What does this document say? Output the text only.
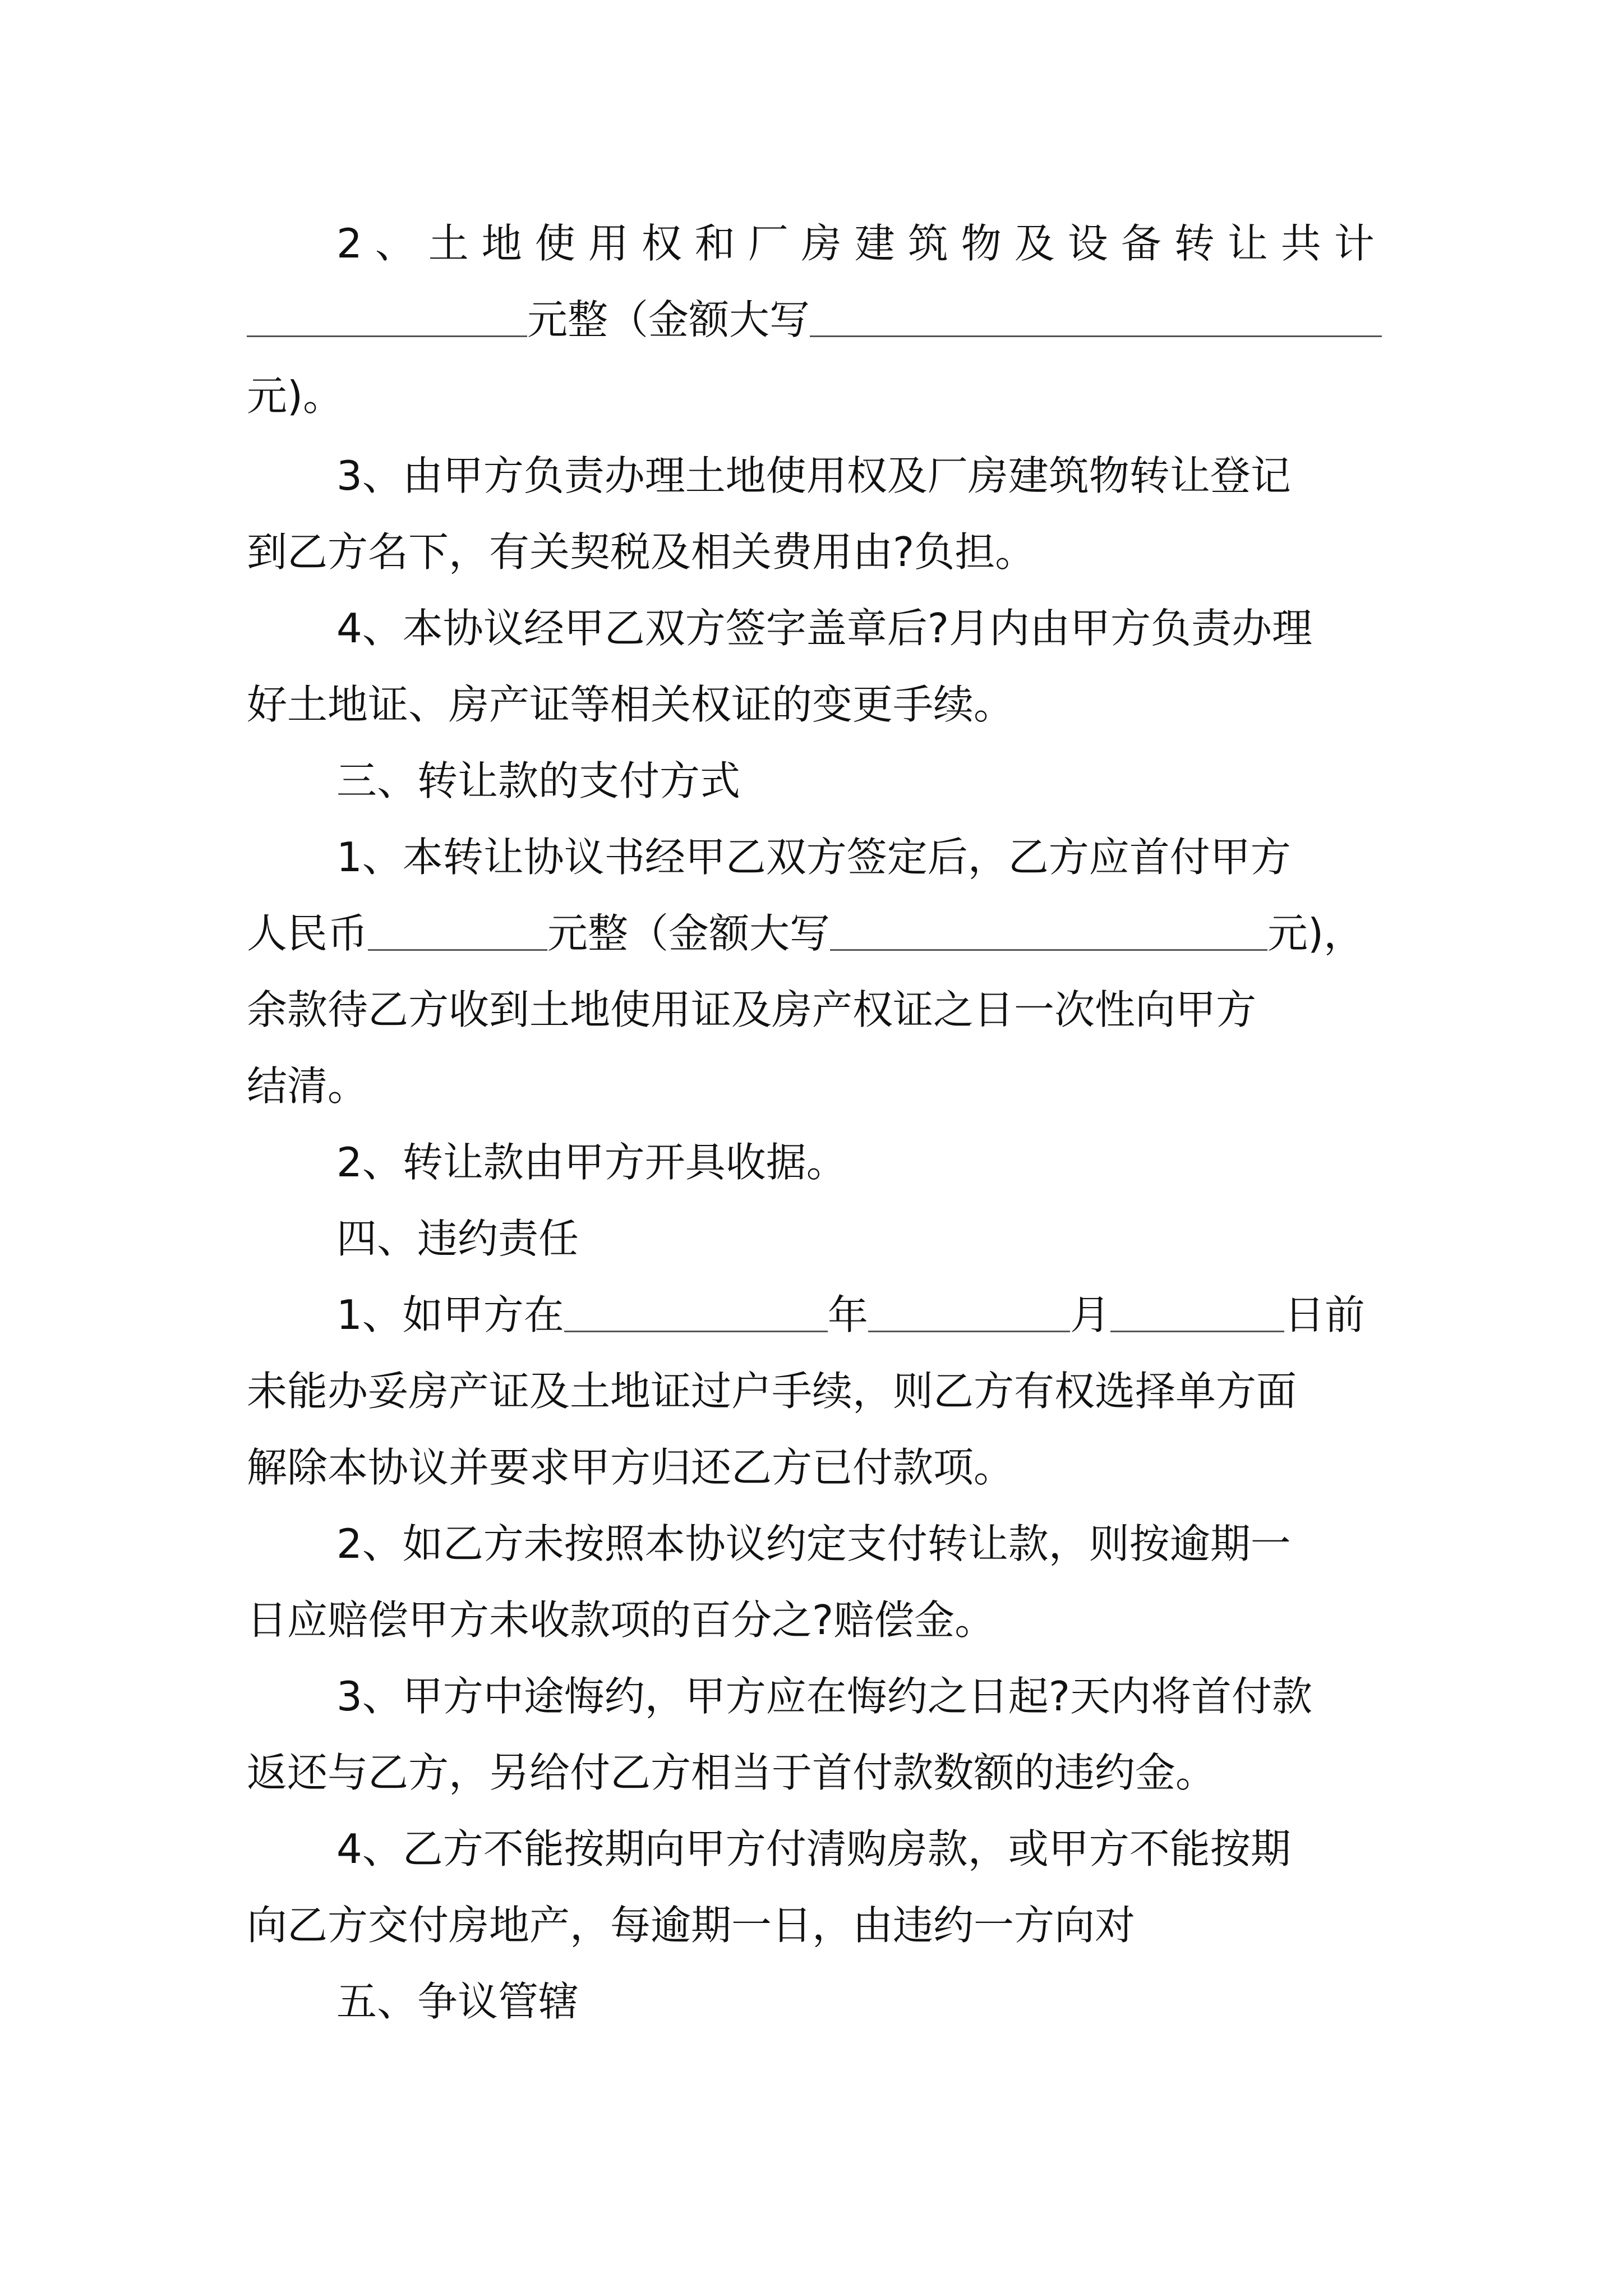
2、土地使用权和厂房建筑物及设备转让共计
元整（金额大写
元)。
3、由甲方负责办理土地使用权及厂房建筑物转让登记
到乙方名下，有关契税及相关费用由?负担。
4、本协议经甲乙双方签字盖章后?月内由甲方负责办理
好土地证、房产证等相关权证的变更手续。
三、转让款的支付方式
1、本转让协议书经甲乙双方签定后，乙方应首付甲方
人民币	元整（金额大写	元)，
余款待乙方收到土地使用证及房产权证之日一次性向甲方
结清。
2、转让款由甲方开具收据。
四、违约责任
1、如甲方在	年	月	日前
未能办妥房产证及土地证过户手续，则乙方有权选择单方面
解除本协议并要求甲方归还乙方已付款项。
2、如乙方未按照本协议约定支付转让款，则按逾期一
日应赔偿甲方未收款项的百分之?赔偿金。
3、甲方中途悔约，甲方应在悔约之日起?天内将首付款
返还与乙方，另给付乙方相当于首付款数额的违约金。
4、乙方不能按期向甲方付清购房款，或甲方不能按期
向乙方交付房地产，每逾期一日，由违约一方向对
五、争议管辖
